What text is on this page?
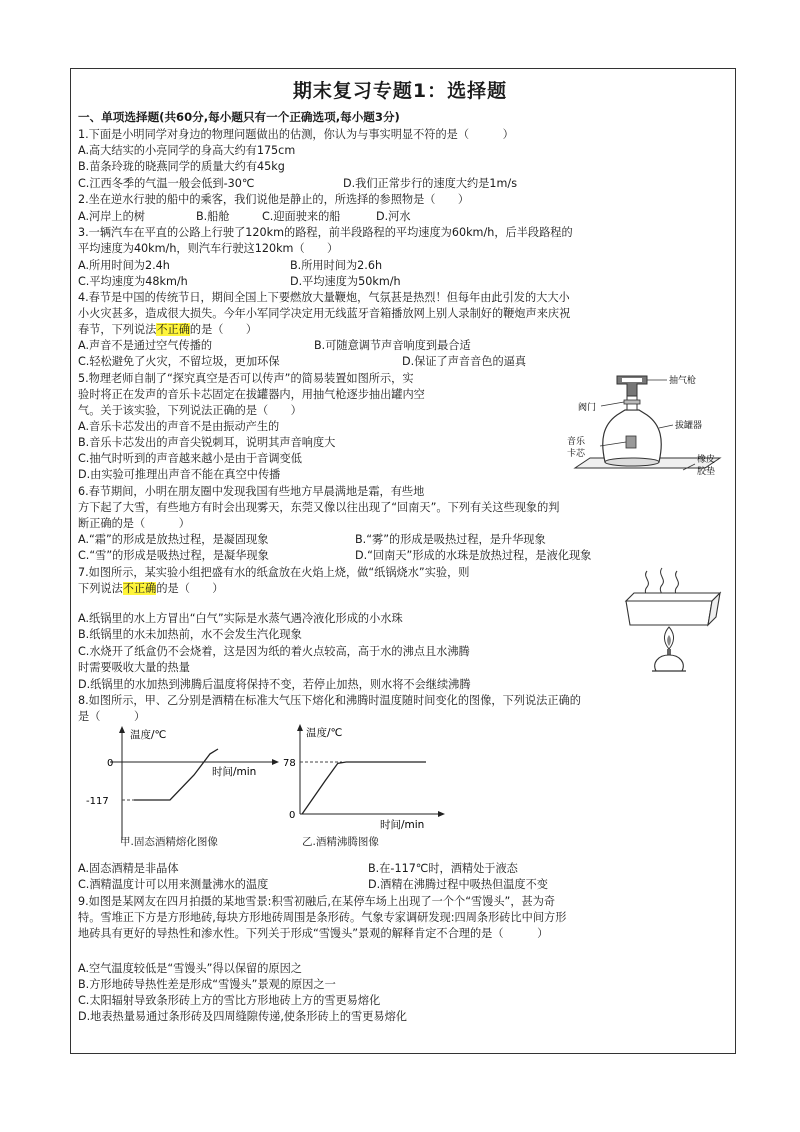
期末复习专题1：选择题
一、单项选择题(共60分,每小题只有一个正确选项,每小题3分)
1.下面是小明同学对身边的物理问题做出的估测，你认为与事实明显不符的是（　　　）
A.高大结实的小亮同学的身高大约有175cm
B.苗条玲珑的晓燕同学的质量大约有45kg
C.江西冬季的气温一般会低到-30℃	D.我们正常步行的速度大约是1m/s
2.坐在逆水行驶的船中的乘客，我们说他是静止的，所选择的参照物是（　　）
A.河岸上的树	B.船舱	C.迎面驶来的船	D.河水
3.一辆汽车在平直的公路上行驶了120km的路程，前半段路程的平均速度为60km/h，后半段路程的
平均速度为40km/h，则汽车行驶这120km（　　）
A.所用时间为2.4h	B.所用时间为2.6h
C.平均速度为48km/h	D.平均速度为50km/h
4.春节是中国的传统节日，期间全国上下要燃放大量鞭炮，气氛甚是热烈！但每年由此引发的大大小
小火灾甚多，造成很大损失。今年小军同学决定用无线蓝牙音箱播放网上别人录制好的鞭炮声来庆祝
春节，下列说法不正确的是（　　）
A.声音不是通过空气传播的	B.可随意调节声音响度到最合适
C.轻松避免了火灾，不留垃圾，更加环保	D.保证了声音音色的逼真
5.物理老师自制了“探究真空是否可以传声”的简易装置如图所示，实
验时将正在发声的音乐卡芯固定在拔罐器内，用抽气枪逐步抽出罐内空
气。关于该实验，下列说法正确的是（　　）
A.音乐卡芯发出的声音不是由振动产生的
B.音乐卡芯发出的声音尖锐刺耳，说明其声音响度大
C.抽气时听到的声音越来越小是由于音调变低
D.由实验可推理出声音不能在真空中传播
抽气枪
阀门
拔罐器
音乐
卡芯
橡皮
胶垫
6.春节期间，小明在朋友圈中发现我国有些地方早晨满地是霜，有些地
方下起了大雪，有些地方有时会出现雾天，东莞又像以往出现了“回南天”。下列有关这些现象的判
断正确的是（　　　）
A.“霜”的形成是放热过程，是凝固现象	B.“雾”的形成是吸热过程，是升华现象
C.“雪”的形成是吸热过程，是凝华现象	D.“回南天”形成的水珠是放热过程，是液化现象
7.如图所示，某实验小组把盛有水的纸盒放在火焰上烧，做“纸锅烧水”实验，则
下列说法不正确的是（　　）
A.纸锅里的水上方冒出“白气”实际是水蒸气遇冷液化形成的小水珠
B.纸锅里的水未加热前，水不会发生汽化现象
C.水烧开了纸盒仍不会烧着，这是因为纸的着火点较高，高于水的沸点且水沸腾
时需要吸收大量的热量
D.纸锅里的水加热到沸腾后温度将保持不变，若停止加热，则水将不会继续沸腾
8.如图所示，甲、乙分别是酒精在标准大气压下熔化和沸腾时温度随时间变化的图像，下列说法正确的
是（　　　）
温度/℃
时间/min
0
-117
甲.固态酒精熔化图像
温度/℃
时间/min
78
0
乙.酒精沸腾图像
A.固态酒精是非晶体	B.在-117℃时，酒精处于液态
C.酒精温度计可以用来测量沸水的温度	D.酒精在沸腾过程中吸热但温度不变
9.如图是某网友在四月拍摄的某地雪景:积雪初融后,在某停车场上出现了一个个“雪馒头”，甚为奇
特。雪堆正下方是方形地砖,每块方形地砖周围是条形砖。气象专家调研发现:四周条形砖比中间方形
地砖具有更好的导热性和渗水性。下列关于形成“雪馒头”景观的解释肯定不合理的是（　　　）
A.空气温度较低是“雪馒头”得以保留的原因之
B.方形地砖导热性差是形成“雪馒头”景观的原因之一
C.太阳辐射导致条形砖上方的雪比方形地砖上方的雪更易熔化
D.地表热量易通过条形砖及四周缝隙传递,使条形砖上的雪更易熔化
